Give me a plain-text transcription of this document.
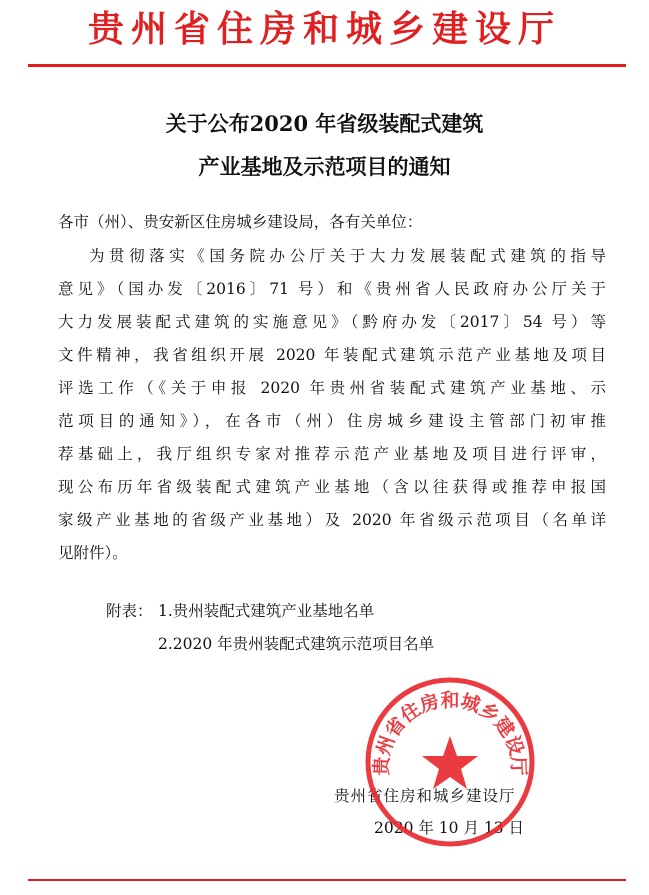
贵州省住房和城乡建设厅
关于公布2020 年省级装配式建筑
产业基地及示范项目的通知
各市（州）、贵安新区住房城乡建设局，各有关单位：
为贯彻落实《国务院办公厅关于大力发展装配式建筑的指导
意见》（国办发〔2016〕71 号）和《贵州省人民政府办公厅关于
大力发展装配式建筑的实施意见》（黔府办发〔2017〕54 号）等
文件精神，我省组织开展 2020 年装配式建筑示范产业基地及项目
评选工作（《关于申报 2020 年贵州省装配式建筑产业基地、示
范项目的通知》），在各市（州）住房城乡建设主管部门初审推
荐基础上，我厅组织专家对推荐示范产业基地及项目进行评审，
现公布历年省级装配式建筑产业基地（含以往获得或推荐申报国
家级产业基地的省级产业基地）及 2020 年省级示范项目（名单详
见附件）。
附表： 1.贵州装配式建筑产业基地名单
2.2020 年贵州装配式建筑示范项目名单
贵州省住房和城乡建设厅
2020 年 10 月 13 日
贵州省住房和城乡建设厅
